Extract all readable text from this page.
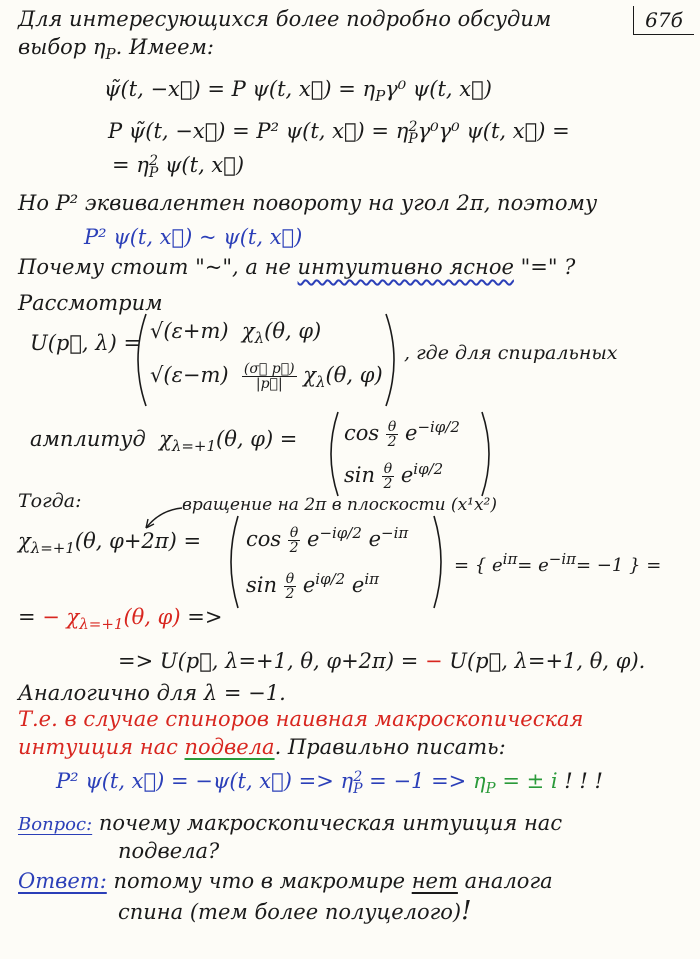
67б
Для интересующихся более подробно обсудим
выбор $\eta_P$. Имеем:
ψ̃(t, −x⃗) = P ψ(t, x⃗) = $\eta_P\gamma^0$ ψ(t, x⃗)
P ψ̃(t, −x⃗) = P² ψ(t, x⃗) = η 2
P γ⁰γ⁰ ψ(t, x⃗) =
= η 2
P ψ(t, x⃗)
Но P² эквивалентен повороту на угол 2π, поэтому
P² ψ(t, x⃗) ~ ψ(t, x⃗)
Почему стоит "~", а не интуитивно ясное "=" ?
Рассмотрим
U(p⃗, λ) = √(ε+m) $\chi_\lambda(\theta$, φ)
$√(\varepsilon-m) \frac{(\sigma⃗ p⃗)}{|p⃗|} \chi_\lambda(\theta$, φ)
, где для спиральных
амплитуд $\chi_{\lambda=+1}(\theta$, $\varphi) = \cos \frac{\theta}{2} e^{-i\varphi/2}$
$\sin \frac{\theta}{2} e^{i\varphi/2}$
Тогда:	вращение на 2π в плоскости (x¹x²)
$\chi_{\lambda=+1}(\theta$, $\varphi+2\pi) = \cos \frac{\theta}{2} e^{-i\varphi/2}$ $e^{-i\pi}$
$\sin \frac{\theta}{2} e^{i\varphi/2}$ $e^{i\pi}$
= { $e^{i\pi}= e^{-i\pi}= -1$ } =
= − $\chi_{\lambda=+1}(\theta$, φ) =>
=> U(p⃗, λ=+1, θ, φ+2π) = − U(p⃗, λ=+1, θ, φ).
Аналогично для λ = −1.
Т.е. в случае спиноров наивная макроскопическая
интуиция нас подвела. Правильно писать:
P² ψ(t, x⃗) = −ψ(t, x⃗) => η 2
$P = -1 => \eta_P$ = ± i ! ! !
Вопрос: почему макроскопическая интуиция нас
подвела?
Ответ: потому что в макромире нет аналога
спина (тем более полуцелого)!
